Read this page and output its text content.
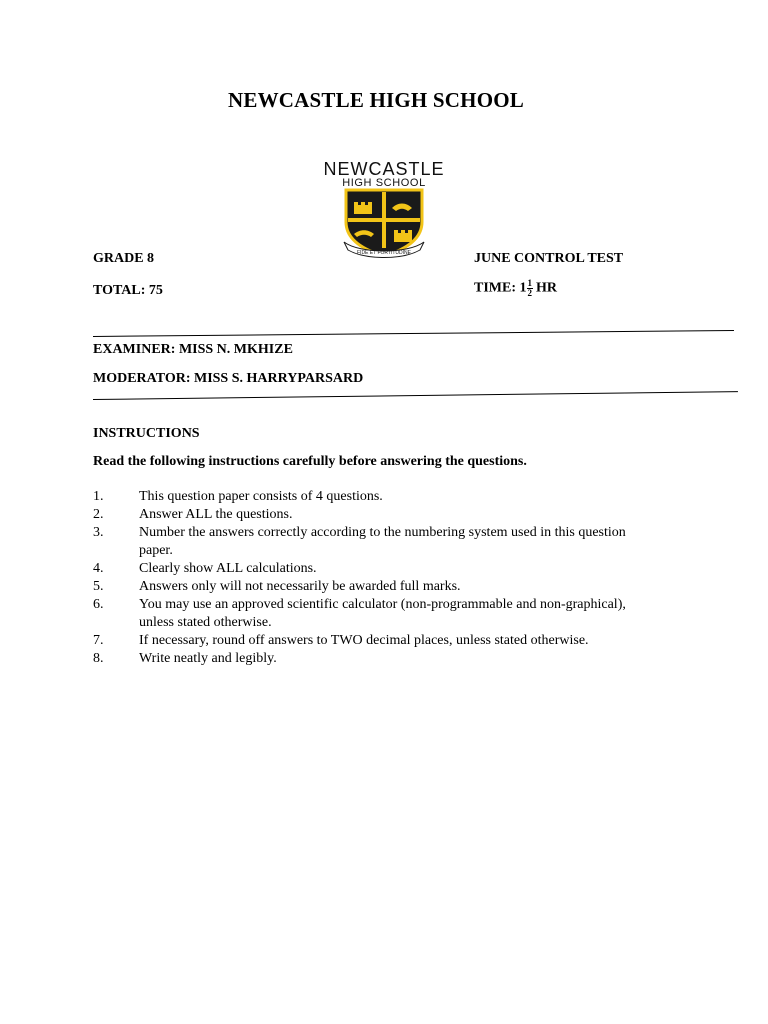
NEWCASTLE HIGH SCHOOL
NEWCASTLE
HIGH SCHOOL
FIDE ET FORTITUDINE
GRADE 8	JUNE CONTROL TEST
TOTAL: 75	TIME: $1 \frac{1}{2}$ HR
EXAMINER: MISS N. MKHIZE
MODERATOR: MISS S. HARRYPARSARD
INSTRUCTIONS
Read the following instructions carefully before answering the questions.
1.	This question paper consists of 4 questions.
2.	Answer ALL the questions.
3.	Number the answers correctly according to the numbering system used in this question paper.
4.	Clearly show ALL calculations.
5.	Answers only will not necessarily be awarded full marks.
6.	You may use an approved scientific calculator (non-programmable and non-graphical), unless stated otherwise.
7.	If necessary, round off answers to TWO decimal places, unless stated otherwise.
8.	Write neatly and legibly.
